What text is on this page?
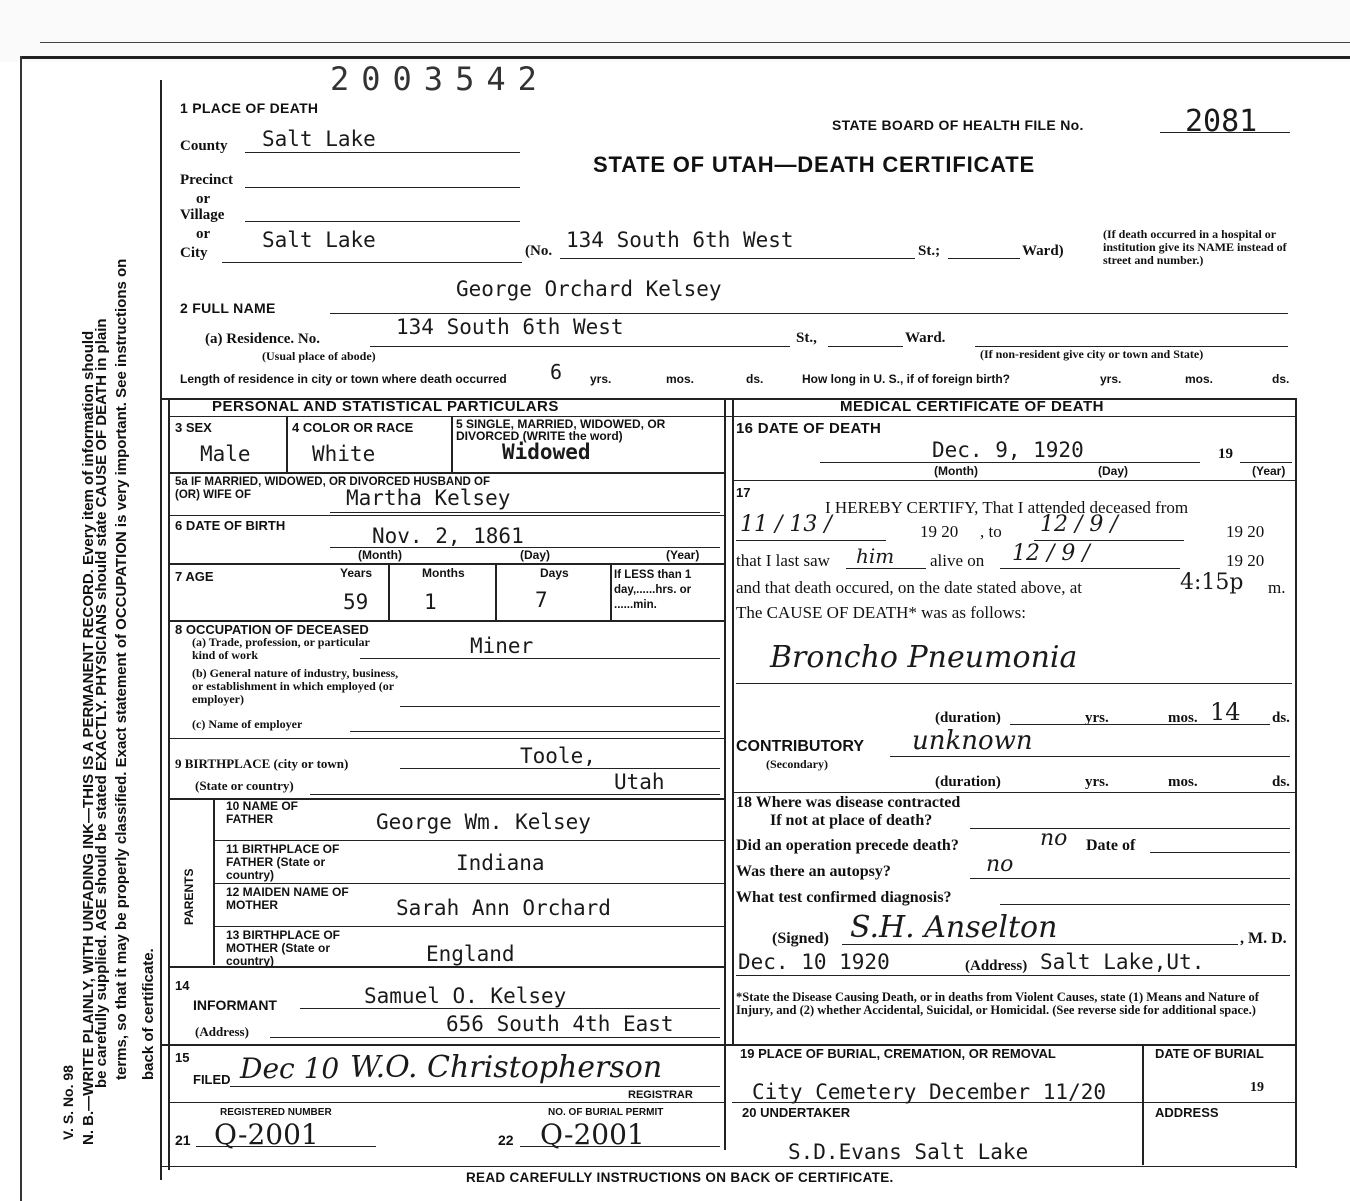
2003542
N. B.—WRITE PLAINLY, WITH UNFADING INK—THIS IS A PERMANENT RECORD. Every item of information should
be carefully supplied. AGE should be stated EXACTLY. PHYSICIANS should state CAUSE OF DEATH in plain terms, so that it may be properly classified. Exact statement of OCCUPATION is very important. See instructions on back of certificate.
V. S. No. 98
STATE BOARD OF HEALTH FILE No.	2081
STATE OF UTAH—DEATH CERTIFICATE
1 PLACE OF DEATH
County Salt Lake
Precinct
or
Village
or
City
Salt Lake	(No. 134 South 6th West	St.;	Ward)
(If death occurred in a hospital or institution give its NAME instead of street and number.)
2 FULL NAME
George Orchard Kelsey
(a) Residence. No.	134 South 6th West	St.,	Ward.
(Usual place of abode)	(If non-resident give city or town and State)
Length of residence in city or town where death occurred 6 yrs.	mos.	ds.	How long in U. S., if of foreign birth?	yrs.	mos.	ds.
PERSONAL AND STATISTICAL PARTICULARS	MEDICAL CERTIFICATE OF DEATH
3 SEX	4 COLOR OR RACE	5 SINGLE, MARRIED, WIDOWED, OR DIVORCED (WRITE the word)
Male	White	Widowed
5a IF MARRIED, WIDOWED, OR DIVORCED HUSBAND OF (OR) WIFE OF	Martha Kelsey
6 DATE OF BIRTH	Nov. 2, 1861
(Month)	(Day)	(Year)
7 AGE	Years	Months	Days	If LESS than 1 day,......hrs. or ......min.
59	1	7
8 OCCUPATION OF DECEASED
(a) Trade, profession, or particular kind of work	Miner
(b) General nature of industry, business, or establishment in which employed (or employer)
(c) Name of employer
9 BIRTHPLACE (city or town)	Toole,
(State or country)	Utah
PARENTS
10 NAME OF FATHER	George Wm. Kelsey
11 BIRTHPLACE OF FATHER (State or country)	Indiana
12 MAIDEN NAME OF MOTHER	Sarah Ann Orchard
13 BIRTHPLACE OF MOTHER (State or country)	England
14
INFORMANT	Samuel O. Kelsey
(Address)	656 South 4th East
16 DATE OF DEATH
Dec. 9, 1920	19
(Month)	(Day)	(Year)
17
I HEREBY CERTIFY, That I attended deceased from
11 / 13 /	19 20 , to 12 / 9 /	19 20
that I last saw him alive on 12 / 9 /	19 20
and that death occured, on the date stated above, at	4:15p m.
The CAUSE OF DEATH* was as follows:
Broncho Pneumonia
(duration)	yrs.	mos. 14 ds.
CONTRIBUTORY unknown
(Secondary)
(duration)	yrs.	mos.	ds.
18 Where was disease contracted
If not at place of death?
Did an operation precede death?	no Date of
Was there an autopsy?	no
What test confirmed diagnosis?
(Signed) S.H. Anselton	, M. D.
Dec. 10 1920	(Address) Salt Lake,Ut.
*State the Disease Causing Death, or in deaths from Violent Causes, state (1) Means and Nature of Injury, and (2) whether Accidental, Suicidal, or Homicidal. (See reverse side for additional space.)
15
FILED Dec 10 W.O. Christopherson
REGISTRAR
REGISTERED NUMBER	NO. OF BURIAL PERMIT
21 Q-2001	22 Q-2001
19 PLACE OF BURIAL, CREMATION, OR REMOVAL	DATE OF BURIAL
City Cemetery December 11/20	19
20 UNDERTAKER	ADDRESS
S.D.Evans Salt Lake
READ CAREFULLY INSTRUCTIONS ON BACK OF CERTIFICATE.
